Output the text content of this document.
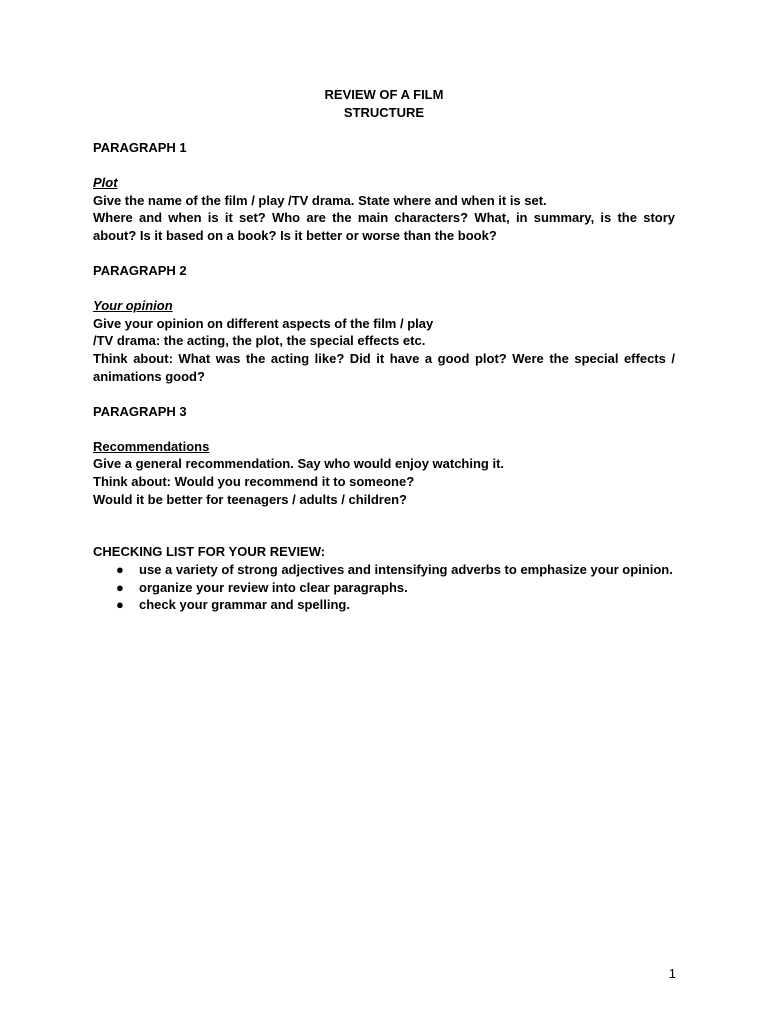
REVIEW OF A FILM
STRUCTURE

PARAGRAPH 1

Plot

Give the name of the film / play /TV drama. State where and when it is set.

Where and when is it set? Who are the main characters? What, in summary, is the story about? Is it based on a book? Is it better or worse than the book?

PARAGRAPH 2

Your opinion

Give your opinion on different aspects of the film / play

/TV drama: the acting, the plot, the special effects etc.

Think about: What was the acting like? Did it have a good plot? Were the special effects / animations good?

PARAGRAPH 3

Recommendations

Give a general recommendation. Say who would enjoy watching it.

Think about: Would you recommend it to someone?

Would it be better for teenagers / adults / children?

CHECKING LIST FOR YOUR REVIEW:

● use a variety of strong adjectives and intensifying adverbs to emphasize your opinion.
● organize your review into clear paragraphs.
● check your grammar and spelling.
1
